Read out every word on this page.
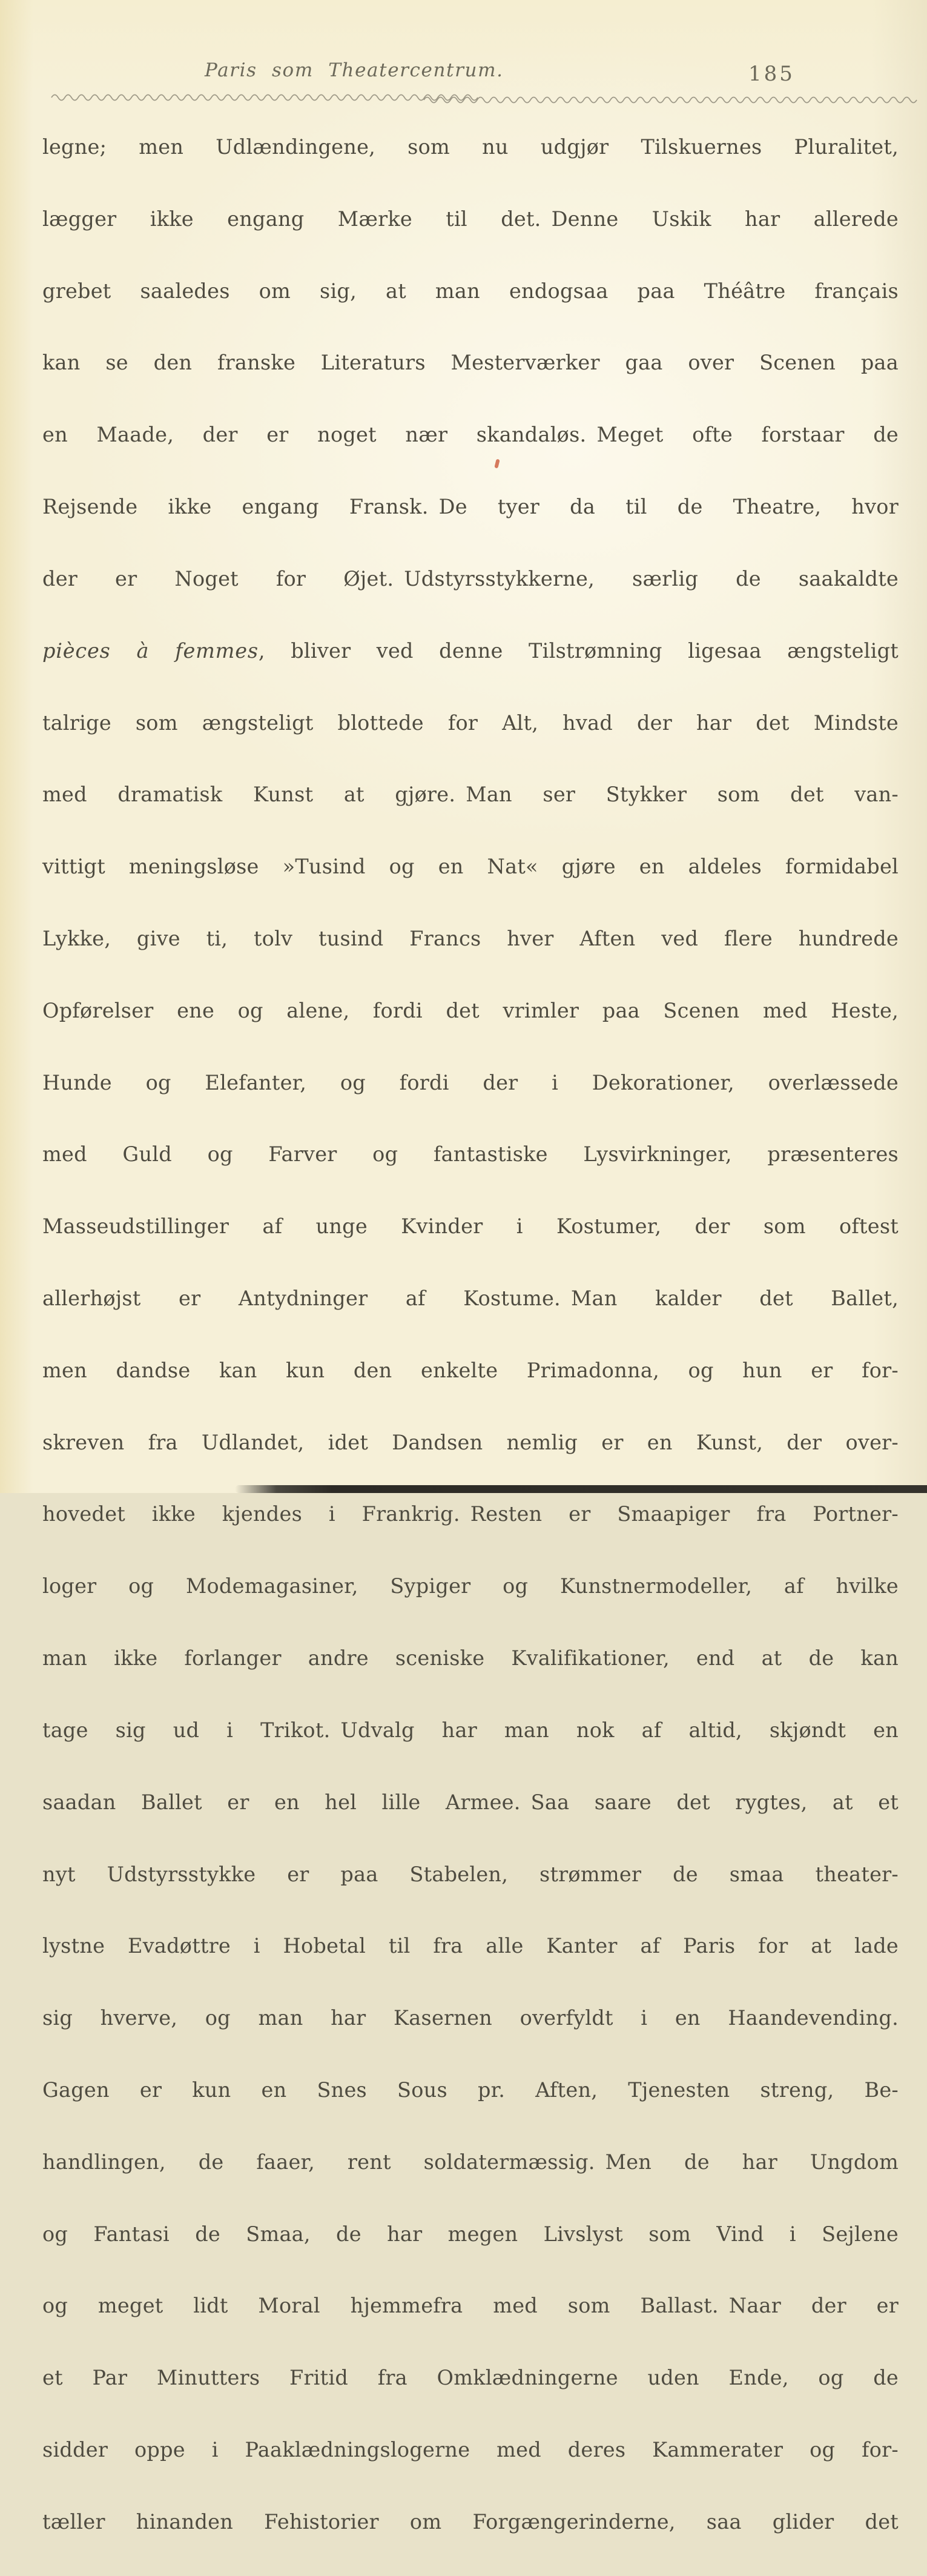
Paris som Theatercentrum.	185
legne; men Udlændingene, som nu udgjør Tilskuernes Pluralitet,
lægger ikke engang Mærke til det. Denne Uskik har allerede
grebet saaledes om sig, at man endogsaa paa Théâtre français
kan se den franske Literaturs Mesterværker gaa over Scenen paa
en Maade, der er noget nær skandaløs. Meget ofte forstaar de
Rejsende ikke engang Fransk. De tyer da til de Theatre, hvor
der er Noget for Øjet. Udstyrsstykkerne, særlig de saakaldte
pièces à femmes, bliver ved denne Tilstrømning ligesaa ængsteligt
talrige som ængsteligt blottede for Alt, hvad der har det Mindste
med dramatisk Kunst at gjøre. Man ser Stykker som det van-
vittigt meningsløse »Tusind og en Nat« gjøre en aldeles formidabel
Lykke, give ti, tolv tusind Francs hver Aften ved flere hundrede
Opførelser ene og alene, fordi det vrimler paa Scenen med Heste,
Hunde og Elefanter, og fordi der i Dekorationer, overlæssede
med Guld og Farver og fantastiske Lysvirkninger, præsenteres
Masseudstillinger af unge Kvinder i Kostumer, der som oftest
allerhøjst er Antydninger af Kostume. Man kalder det Ballet,
men dandse kan kun den enkelte Primadonna, og hun er for-
skreven fra Udlandet, idet Dandsen nemlig er en Kunst, der over-
hovedet ikke kjendes i Frankrig. Resten er Smaapiger fra Portner-
loger og Modemagasiner, Sypiger og Kunstnermodeller, af hvilke
man ikke forlanger andre sceniske Kvalifikationer, end at de kan
tage sig ud i Trikot. Udvalg har man nok af altid, skjøndt en
saadan Ballet er en hel lille Armee. Saa saare det rygtes, at et
nyt Udstyrsstykke er paa Stabelen, strømmer de smaa theater-
lystne Evadøttre i Hobetal til fra alle Kanter af Paris for at lade
sig hverve, og man har Kasernen overfyldt i en Haandevending.
Gagen er kun en Snes Sous pr. Aften, Tjenesten streng, Be-
handlingen, de faaer, rent soldatermæssig. Men de har Ungdom
og Fantasi de Smaa, de har megen Livslyst som Vind i Sejlene
og meget lidt Moral hjemmefra med som Ballast. Naar der er
et Par Minutters Fritid fra Omklædningerne uden Ende, og de
sidder oppe i Paaklædningslogerne med deres Kammerater og for-
tæller hinanden Fehistorier om Forgængerinderne, saa glider det
